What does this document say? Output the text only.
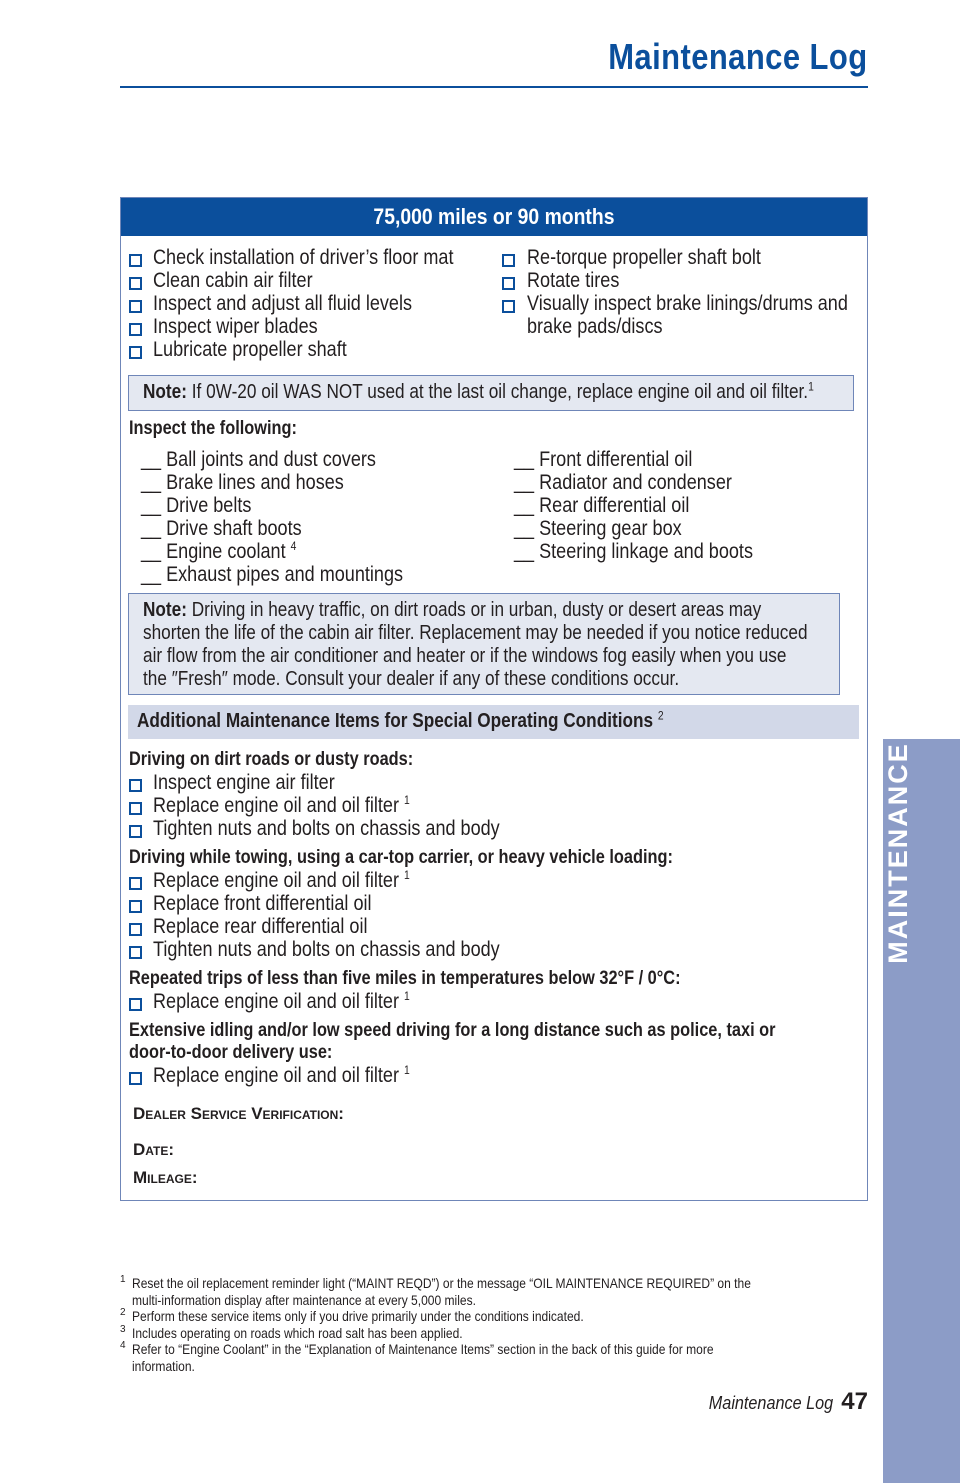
Maintenance Log
MAINTENANCE
75,000 miles or 90 months
Check installation of driver’s floor mat
Clean cabin air filter
Inspect and adjust all fluid levels
Inspect wiper blades
Lubricate propeller shaft
Re-torque propeller shaft bolt
Rotate tires
Visually inspect brake linings/drums and
brake pads/discs
Note: If 0W-20 oil WAS NOT used at the last oil change, replace engine oil and oil filter.$^1$
Inspect the following:
__ Ball joints and dust covers
__ Brake lines and hoses
__ Drive belts
__ Drive shaft boots
__ Engine coolant $^4$
__ Exhaust pipes and mountings
__ Front differential oil
__ Radiator and condenser
__ Rear differential oil
__ Steering gear box
__ Steering linkage and boots
Note: Driving in heavy traffic, on dirt roads or in urban, dusty or desert areas may
shorten the life of the cabin air filter. Replacement may be needed if you notice reduced
air flow from the air conditioner and heater or if the windows fog easily when you use
the ″Fresh″ mode. Consult your dealer if any of these conditions occur.
Additional Maintenance Items for Special Operating Conditions $^2$
Driving on dirt roads or dusty roads:
Inspect engine air filter
Replace engine oil and oil filter $^1$
Tighten nuts and bolts on chassis and body
Driving while towing, using a car-top carrier, or heavy vehicle loading:
Replace engine oil and oil filter $^1$
Replace front differential oil
Replace rear differential oil
Tighten nuts and bolts on chassis and body
Repeated trips of less than five miles in temperatures below 32°F / 0°C:
Replace engine oil and oil filter $^1$
Extensive idling and/or low speed driving for a long distance such as police, taxi or
door-to-door delivery use:
Replace engine oil and oil filter $^1$
Dealer Service Verification:
Date:
Mileage:
1 Reset the oil replacement reminder light (“MAINT REQD”) or the message “OIL MAINTENANCE REQUIRED” on the
multi-information display after maintenance at every 5,000 miles.
2 Perform these service items only if you drive primarily under the conditions indicated.
3 Includes operating on roads which road salt has been applied.
4 Refer to “Engine Coolant” in the “Explanation of Maintenance Items” section in the back of this guide for more
information.
Maintenance Log 47
